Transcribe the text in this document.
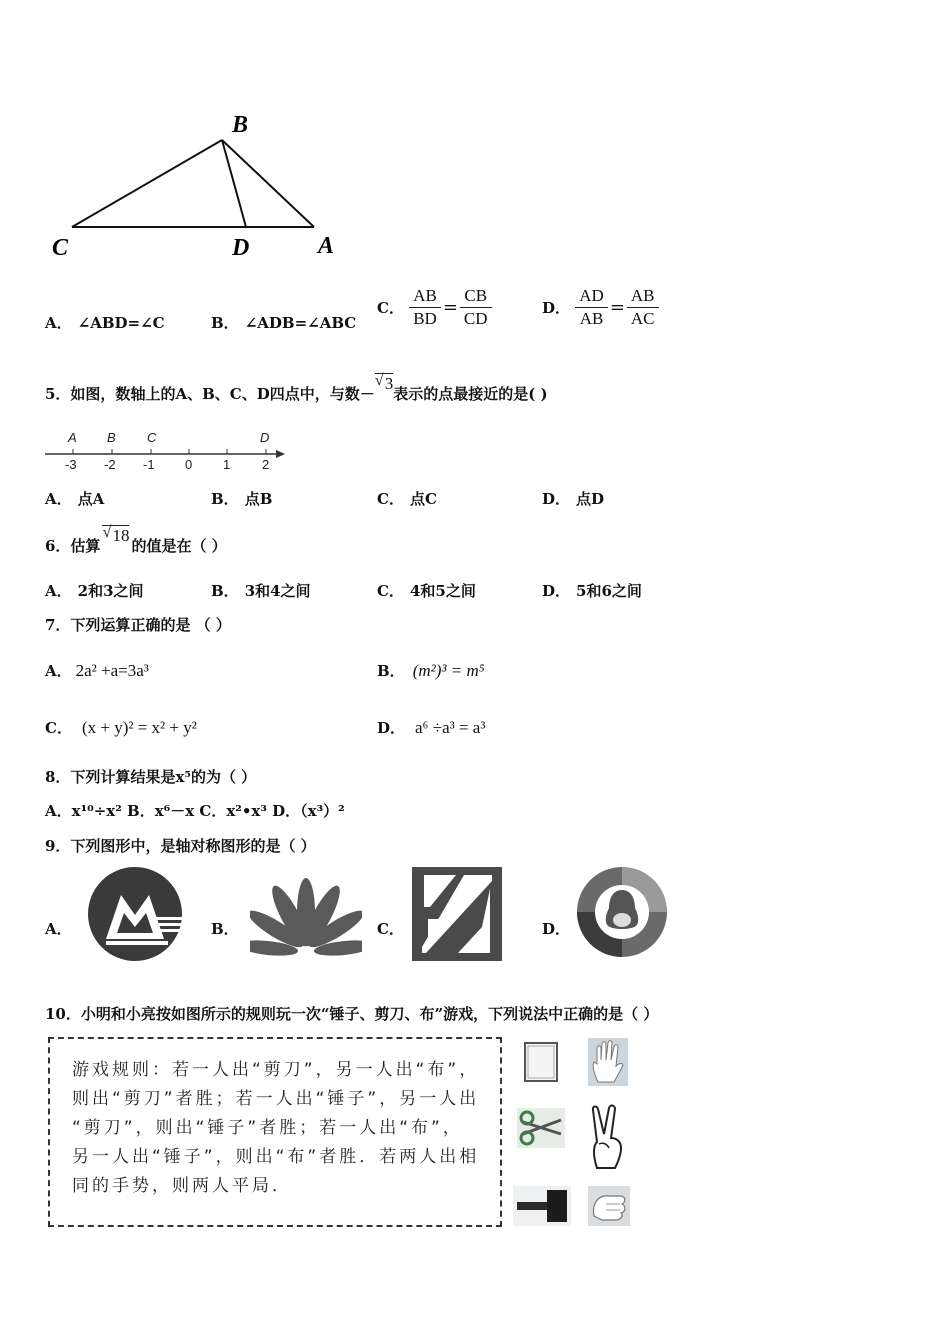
B
C	D	A
A． ∠ABD=∠C	B． ∠ADB=∠ABC
C． $\frac{AB}{BD} = \frac{CB}{CD}$	D． $\frac{AD}{AB} = \frac{AB}{AC}$
5．如图，数轴上的A、B、C、D四点中，与数－
√ 3表示的点最接近的是( )
A B C	D
-3 -2 -1 0 1 2
A． 点A	B． 点B	C． 点C	D． 点D
6．估算
√ 18的值是在（ ）
A． 2和3之间	B． 3和4之间	C． 4和5之间	D． 5和6之间
7．下列运算正确的是 （ ）
A． 2a² +a=3a³	B． (m²)³ = m⁵
C． (x + y)² = x² + y²	D． a⁶ ÷a³ = a³
8．下列计算结果是x⁵的为（ ）
A．x¹⁰÷x² B．x⁶－x C．x²•x³ D．（x³）²
9．下列图形中，是轴对称图形的是（ ）
A．	B．	C．	D．
10．小明和小亮按如图所示的规则玩一次“锤子、剪刀、布”游戏，下列说法中正确的是（ ）
游戏规则：若一人出“剪刀”，另一人出“布”，
则出“剪刀”者胜；若一人出“锤子”，另一人出
“剪刀”，则出“锤子”者胜；若一人出“布”，
另一人出“锤子”，则出“布”者胜．若两人出相
同的手势，则两人平局．
